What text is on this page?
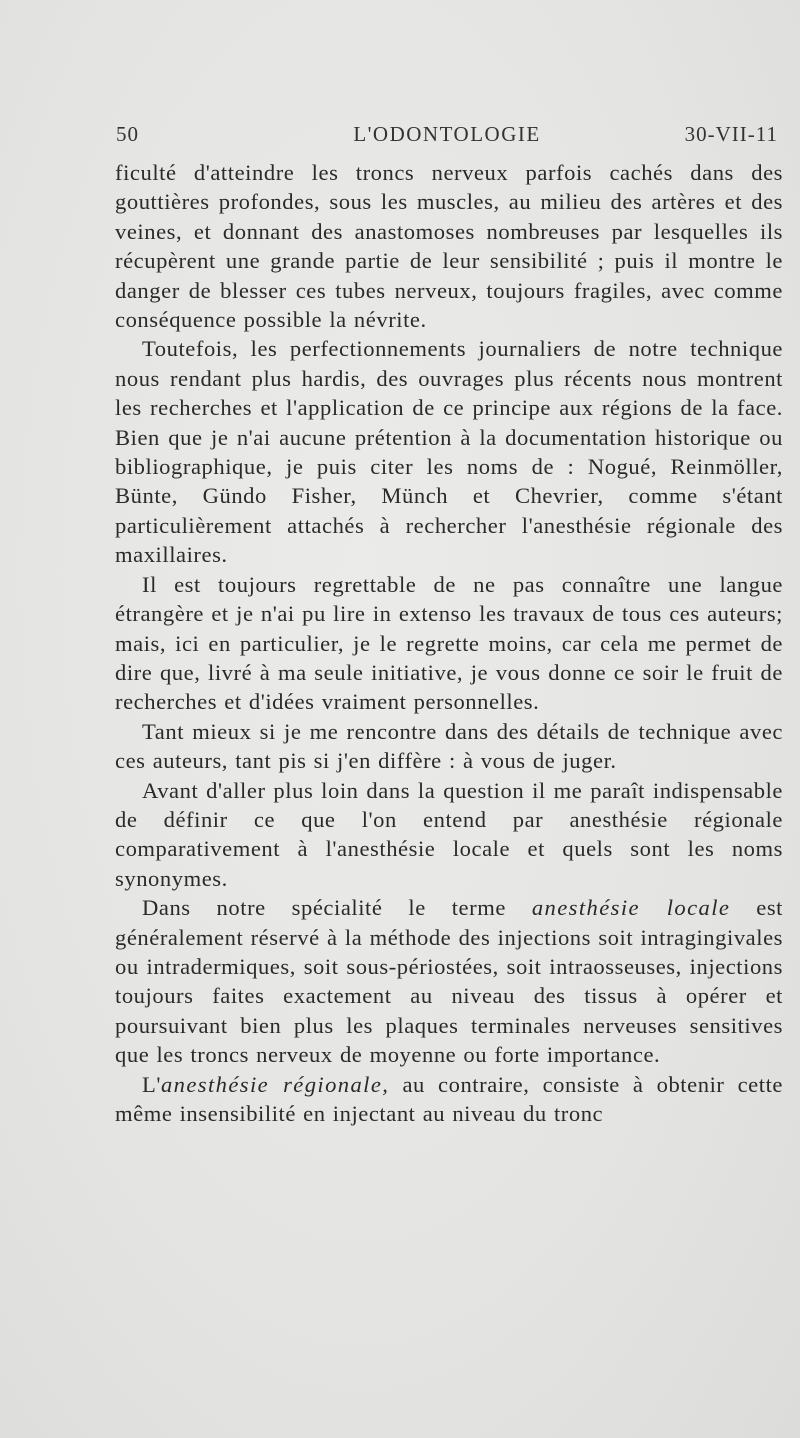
50	L'ODONTOLOGIE	30-VII-11

ficulté d'atteindre les troncs nerveux parfois cachés dans des gouttières profondes, sous les muscles, au milieu des artères et des veines, et donnant des anastomoses nombreuses par lesquelles ils récupèrent une grande partie de leur sensibilité ; puis il montre le danger de blesser ces tubes nerveux, toujours fragiles, avec comme conséquence possible la névrite.

Toutefois, les perfectionnements journaliers de notre technique nous rendant plus hardis, des ouvrages plus récents nous montrent les recherches et l'application de ce principe aux régions de la face. Bien que je n'ai aucune prétention à la documentation historique ou bibliographique, je puis citer les noms de : Nogué, Reinmöller, Bünte, Gündo Fisher, Münch et Chevrier, comme s'étant particulièrement attachés à rechercher l'anesthésie régionale des maxillaires.

Il est toujours regrettable de ne pas connaître une langue étrangère et je n'ai pu lire in extenso les travaux de tous ces auteurs; mais, ici en particulier, je le regrette moins, car cela me permet de dire que, livré à ma seule initiative, je vous donne ce soir le fruit de recherches et d'idées vraiment personnelles.

Tant mieux si je me rencontre dans des détails de technique avec ces auteurs, tant pis si j'en diffère : à vous de juger.

Avant d'aller plus loin dans la question il me paraît indispensable de définir ce que l'on entend par anesthésie régionale comparativement à l'anesthésie locale et quels sont les noms synonymes.

Dans notre spécialité le terme anesthésie locale est généralement réservé à la méthode des injections soit intragingivales ou intradermiques, soit sous-périostées, soit intraosseuses, injections toujours faites exactement au niveau des tissus à opérer et poursuivant bien plus les plaques terminales nerveuses sensitives que les troncs nerveux de moyenne ou forte importance.

L'anesthésie régionale, au contraire, consiste à obtenir cette même insensibilité en injectant au niveau du tronc
